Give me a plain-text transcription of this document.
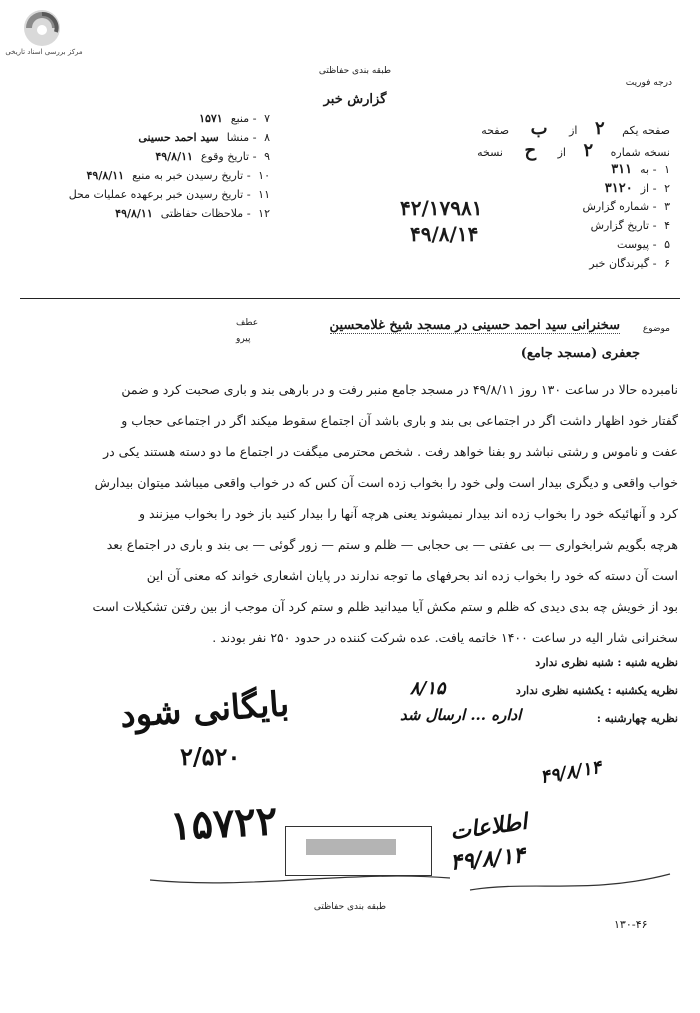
مرکز بررسی اسناد تاریخی
طبقه بندی حفاظتی
گزارش خبر
درجه فوریت
صفحه یکم ۲ از ب صفحه
نسخه شماره ۲ از ح نسخه
۱ - به۳۱۱
۲ - از۳۱۲۰
۳ - شماره گزارش
۴ - تاریخ گزارش
۵ - پیوست
۶ - گیرندگان خبر
۷ - منبع۱۵۷۱
۸ - منشاسید احمد حسینی
۹ - تاریخ وقوع۴۹/۸/۱۱
۱۰ - تاریخ رسیدن خبر به منبع۴۹/۸/۱۱
۱۱ - تاریخ رسیدن خبر برعهده عملیات محل
۱۲ - ملاحظات حفاظتی۴۹/۸/۱۱	۴۲/۱۷۹۸۱
۴۹/۸/۱۴
موضوع
سخنرانی سید احمد حسینی در مسجد شیخ غلامحسین
جعفری (مسجد جامع)
عطف
پیرو
نامبرده حالا در ساعت ۱۳۰ روز ۴۹/۸/۱۱ در مسجد جامع منبر رفت و در بارهی بند و باری صحبت کرد و ضمن
گفتار خود اظهار داشت اگر در اجتماعی بی بند و باری باشد آن اجتماع سقوط میکند اگر در اجتماعی حجاب و
عفت و ناموس و رشتی نباشد رو بفنا خواهد رفت . شخص محترمی میگفت در اجتماع ما دو دسته هستند یکی در
خواب واقعی و دیگری بیدار است ولی خود را بخواب زده است آن کس که در خواب واقعی میباشد میتوان بیدارش
کرد و آنهائیکه خود را بخواب زده اند بیدار نمیشوند یعنی هرچه آنها را بیدار کنید باز خود را بخواب میزنند و
هرچه بگویم شرابخواری — بی عفتی — بی حجابی — ظلم و ستم — زور گوئی — بی بند و باری در اجتماع بعد
است آن دسته که خود را بخواب زده اند بحرفهای ما توجه ندارند در پایان اشعاری خواند که معنی آن این
بود از خویش چه بدی دیدی که ظلم و ستم مکش آیا میدانید ظلم و ستم کرد آن موجب از بین رفتن تشکیلات است
سخنرانی شار الیه در ساعت ۱۴۰۰ خاتمه یافت. عده شرکت کننده در حدود ۲۵۰ نفر بودند .
نظریه شنبه : شنبه نظری ندارد
نظریه یکشنبه : یکشنبه نظری ندارد
۸/۱۵
نظریه چهارشنبه :
اداره ... ارسال شد
بایگانی شود
۲/۵۲۰
۱۵۷۲۲
۴۹/۸/۱۴
اطلاعات
۴۹/۸/۱۴
طبقه بندی حفاظتی
۱۳۰-۴۶
